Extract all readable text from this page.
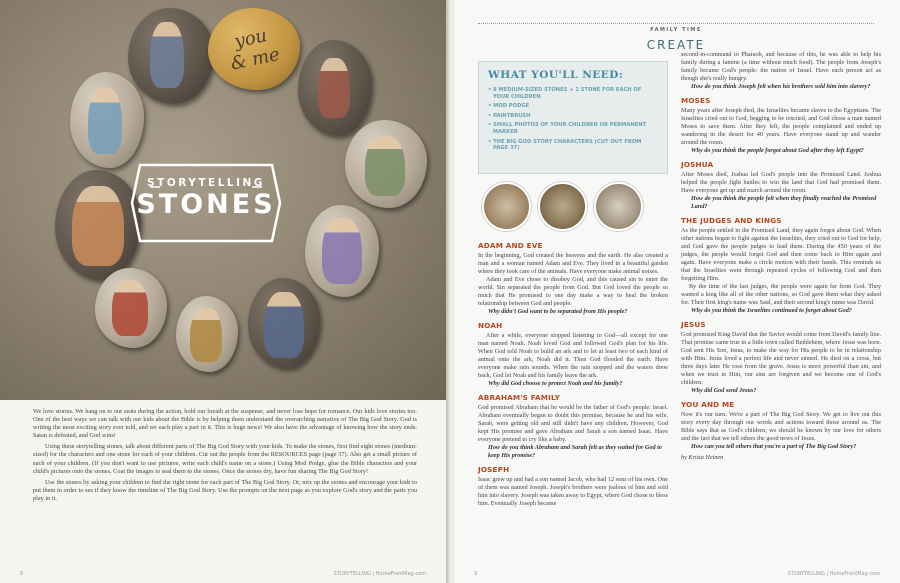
you & me
STORYTELLING
STONES

We love stories. We hang on to our seats during the action, hold our breath at the suspense, and never lose hope for romance. Our kids love stories too. One of the best ways we can talk with our kids about the Bible is by helping them understand the overarching narrative of The Big God Story. God is writing the most exciting story ever told, and we each play a part in it. This is huge news! We also have the advantage of knowing how the story ends: Satan is defeated, and God wins!

Using these storytelling stones, talk about different parts of The Big God Story with your kids. To make the stones, first find eight stones (medium-sized) for the characters and one stone for each of your children. Cut out the people from the RESOURCES page (page 37). Also get a small picture of each of your children. (If you don't want to use pictures, write each child's name on a stone.) Using Mod Podge, glue the Bible characters and your child's pictures onto the stones. Coat the images to seal them to the stones. Once the stones dry, have fun sharing The Big God Story!

Use the stones by asking your children to find the right stone for each part of The Big God Story. Or, mix up the stones and encourage your kids to put them in order to see if they know the timeline of The Big God Story. Use the prompts on the next page as you explore God's story and the parts you play in it.

8	STORYTELLING | HomeFrontMag.com
FAMILY TIME
CREATE
WHAT YOU'LL NEED:
• 8 MEDIUM-SIZED STONES + 1 STONE FOR EACH OF YOUR CHILDREN
• MOD PODGE
• PAINTBRUSH
• SMALL PHOTOS OF YOUR CHILDREN OR PERMANENT MARKER
• THE BIG GOD STORY CHARACTERS (CUT OUT FROM PAGE 37)
ADAM AND EVE

In the beginning, God created the heavens and the earth. He also created a man and a woman named Adam and Eve. They lived in a beautiful garden where they took care of the animals. Have everyone make animal noises.

Adam and Eve chose to disobey God, and this caused sin to enter the world. Sin separated the people from God. But God loved the people so much that He promised to one day make a way to heal the broken relationship between God and people.

Why didn't God want to be separated from His people?
NOAH

After a while, everyone stopped listening to God—all except for one man named Noah. Noah loved God and followed God's plan for his life. When God told Noah to build an ark and to let at least two of each kind of animal onto the ark, Noah did it. Then God flooded the earth. Have everyone make rain sounds. When the rain stopped and the waters drew back, God let Noah and his family leave the ark.

Why did God choose to protect Noah and his family?
ABRAHAM'S FAMILY

God promised Abraham that he would be the father of God's people: Israel. Abraham eventually began to doubt this promise, because he and his wife, Sarah, were getting old and still didn't have any children. However, God kept His promise and gave Abraham and Sarah a son named Isaac. Have everyone pretend to cry like a baby.

How do you think Abraham and Sarah felt as they waited for God to keep His promise?
JOSEPH

Isaac grew up and had a son named Jacob, who had 12 sons of his own. One of them was named Joseph. Joseph's brothers were jealous of him and sold him into slavery. Joseph was taken away to Egypt, where God chose to bless him. Eventually Joseph became

second-in-command to Pharaoh, and because of this, he was able to help his family during a famine (a time without much food). The people from Joseph's family became God's people: the nation of Israel. Have each person act as though she's really hungry.

How do you think Joseph felt when his brothers sold him into slavery?
MOSES

Many years after Joseph died, the Israelites became slaves to the Egyptians. The Israelites cried out to God, begging to be rescued, and God chose a man named Moses to save them. After they left, the people complained and ended up wandering in the desert for 40 years. Have everyone stand up and wander around the room.

Why do you think the people forgot about God after they left Egypt?
JOSHUA

After Moses died, Joshua led God's people into the Promised Land. Joshua helped the people fight battles to win the land that God had promised them. Have everyone get up and march around the room.

How do you think the people felt when they finally reached the Promised Land?
THE JUDGES AND KINGS

As the people settled in the Promised Land, they again forgot about God. When other nations began to fight against the Israelites, they cried out to God for help, and God gave the people judges to lead them. During the 450 years of the judges, the people would forget God and then come back to Him again and again. Have everyone make a circle motion with their hands. This reminds us that the Israelites went through repeated cycles of following God and then forgetting Him.

By the time of the last judges, the people were again far from God. They wanted a king like all of the other nations, so God gave them what they asked for. Their first king's name was Saul, and their second king's name was David.

Why do you think the Israelites continued to forget about God?
JESUS

God promised King David that the Savior would come from David's family line. That promise came true in a little town called Bethlehem, where Jesus was born. God sent His Son, Jesus, to make the way for His people to be in relationship with Him. Jesus lived a perfect life and never sinned. He died on a cross, but three days later He rose from the grave. Jesus is more powerful than sin, and when we trust in Him, our sins are forgiven and we become one of God's children.

Why did God send Jesus?
YOU AND ME

Now it's our turn. We're a part of The Big God Story. We get to live out this story every day through our words and actions toward those around us. The Bible says that as God's children, we should be known by our love for others and the fact that we tell others the good news of Jesus.

How can you tell others that you're a part of The Big God Story?
by Krista Heinen
9	STORYTELLING | HomeFrontMag.com
